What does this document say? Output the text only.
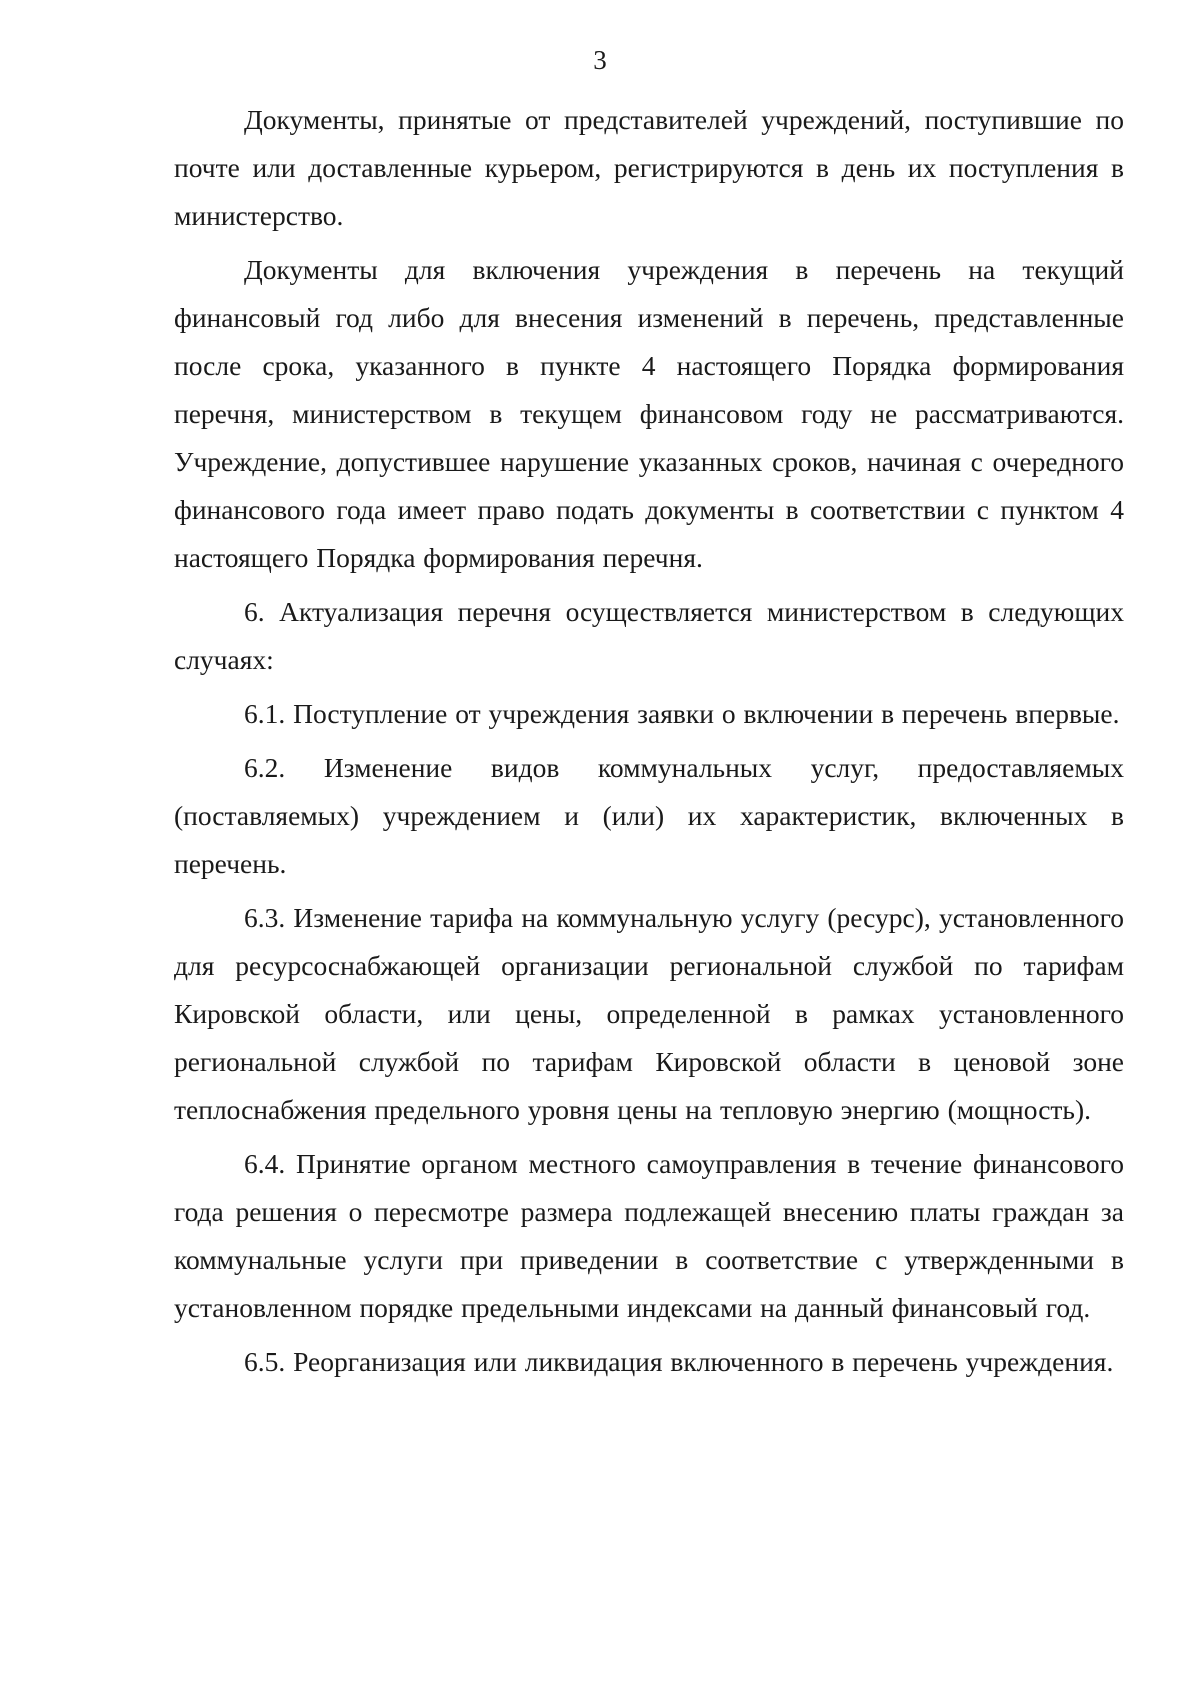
3

Документы, принятые от представителей учреждений, поступившие по почте или доставленные курьером, регистрируются в день их поступления в министерство.

Документы для включения учреждения в перечень на текущий финансовый год либо для внесения изменений в перечень, представленные после срока, указанного в пункте 4 настоящего Порядка формирования перечня, министерством в текущем финансовом году не рассматриваются. Учреждение, допустившее нарушение указанных сроков, начиная с очередного финансового года имеет право подать документы в соответствии с пунктом 4 настоящего Порядка формирования перечня.

6. Актуализация перечня осуществляется министерством в следующих случаях:

6.1. Поступление от учреждения заявки о включении в перечень впервые.

6.2. Изменение видов коммунальных услуг, предоставляемых (поставляемых) учреждением и (или) их характеристик, включенных в перечень.

6.3. Изменение тарифа на коммунальную услугу (ресурс), установленного для ресурсоснабжающей организации региональной службой по тарифам Кировской области, или цены, определенной в рамках установленного региональной службой по тарифам Кировской области в ценовой зоне теплоснабжения предельного уровня цены на тепловую энергию (мощность).

6.4. Принятие органом местного самоуправления в течение финансового года решения о пересмотре размера подлежащей внесению платы граждан за коммунальные услуги при приведении в соответствие с утвержденными в установленном порядке предельными индексами на данный финансовый год.

6.5. Реорганизация или ликвидация включенного в перечень учреждения.
